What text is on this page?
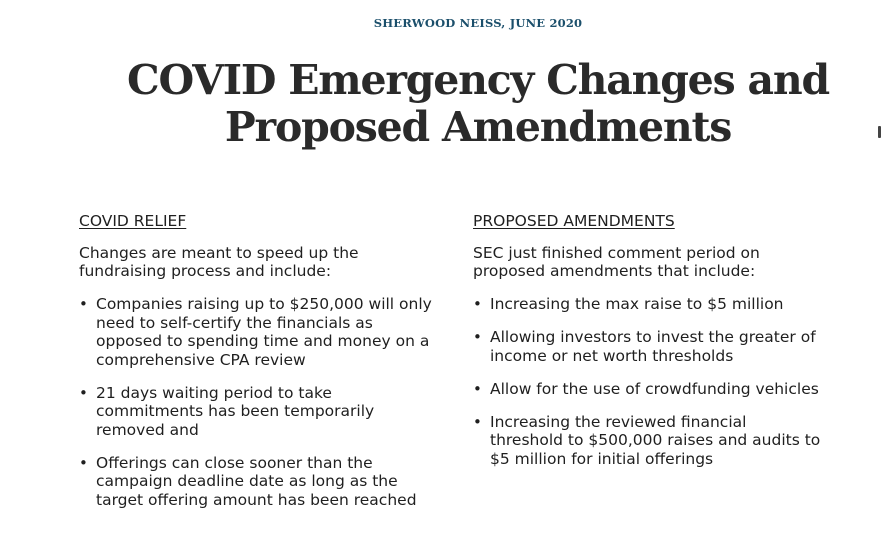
SHERWOOD NEISS, JUNE 2020
COVID Emergency Changes and Proposed Amendments

COVID RELIEF

Changes are meant to speed up the fundraising process and include:

• Companies raising up to $250,000 will only need to self-certify the financials as opposed to spending time and money on a comprehensive CPA review
• 21 days waiting period to take commitments has been temporarily removed and
• Offerings can close sooner than the campaign deadline date as long as the target offering amount has been reached

PROPOSED AMENDMENTS

SEC just finished comment period on proposed amendments that include:

• Increasing the max raise to $5 million
• Allowing investors to invest the greater of income or net worth thresholds
• Allow for the use of crowdfunding vehicles
• Increasing the reviewed financial threshold to $500,000 raises and audits to $5 million for initial offerings
